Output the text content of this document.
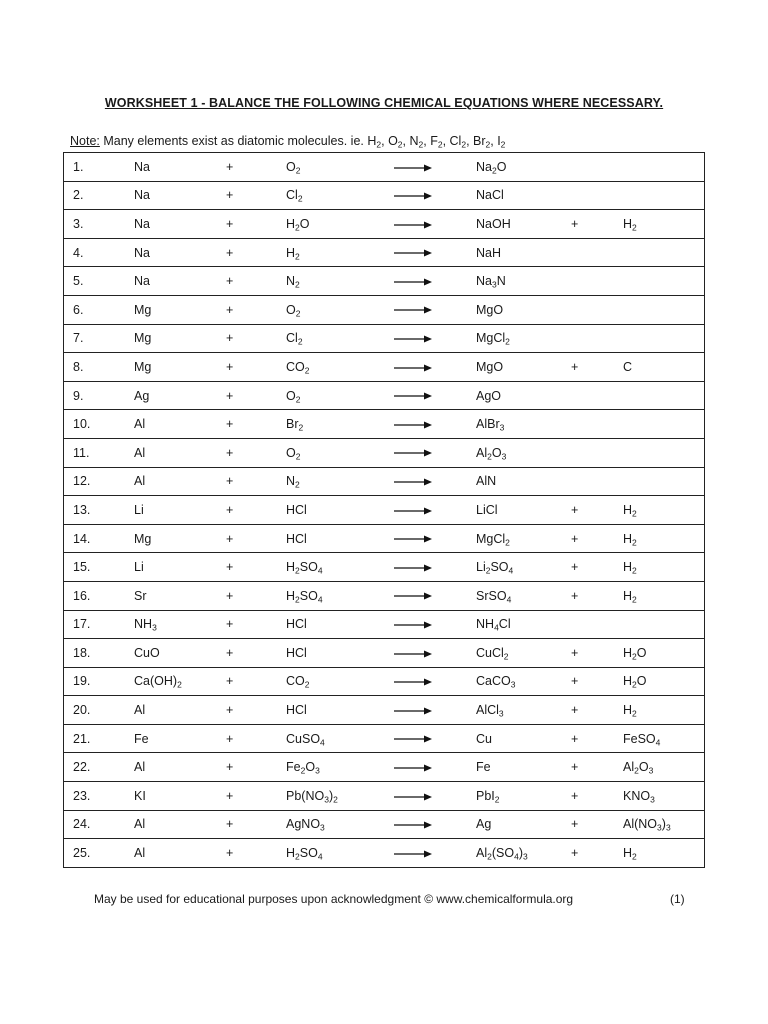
WORKSHEET 1 - BALANCE THE FOLLOWING CHEMICAL EQUATIONS WHERE NECESSARY.
Note: Many elements exist as diatomic molecules. ie. $H_2$, $O_2$, $N_2$, $F_2$, $Cl_2$, $Br_2$, $I_2$
1.	Na	+	$O_2$		$Na_2O$		
2.	Na	+	$Cl_2$		NaCl		
3.	Na	+	$H_2O$		NaOH	+	$H_2$
4.	Na	+	$H_2$		NaH		
5.	Na	+	$N_2$		$Na_3N$		
6.	Mg	+	$O_2$		MgO		
7.	Mg	+	$Cl_2$		MgCl$_2$		
8.	Mg	+	$CO_2$		MgO	+	C
9.	Ag	+	$O_2$		AgO		
10.	Al	+	$Br_2$		AlBr$_3$		
11.	Al	+	$O_2$		$Al_2O_3$		
12.	Al	+	$N_2$		AlN		
13.	Li	+	HCl		LiCl	+	$H_2$
14.	Mg	+	HCl		MgCl$_2$	+	$H_2$
15.	Li	+	$H_2SO_4$		$Li_2SO_4$	+	$H_2$
16.	Sr	+	$H_2SO_4$		SrSO$_4$	+	$H_2$
17.	$NH_3$	+	HCl		$NH_4Cl$		
18.	CuO	+	HCl		CuCl$_2$	+	$H_2O$
19.	$Ca(OH)_2$	+	$CO_2$		CaCO$_3$	+	$H_2O$
20.	Al	+	HCl		AlCl$_3$	+	$H_2$
21.	Fe	+	CuSO$_4$		Cu	+	FeSO$_4$
22.	Al	+	$Fe_2O_3$		Fe	+	$Al_2O_3$
23.	KI	+	$Pb(NO_3)_2$		PbI$_2$	+	$KNO_3$
24.	Al	+	AgNO$_3$		Ag	+	$Al(NO_3)_3$
25.	Al	+	$H_2SO_4$		$Al_2(SO_4)_3$	+	$H_2$
May be used for educational purposes upon acknowledgment © www.chemicalformula.org	(1)
